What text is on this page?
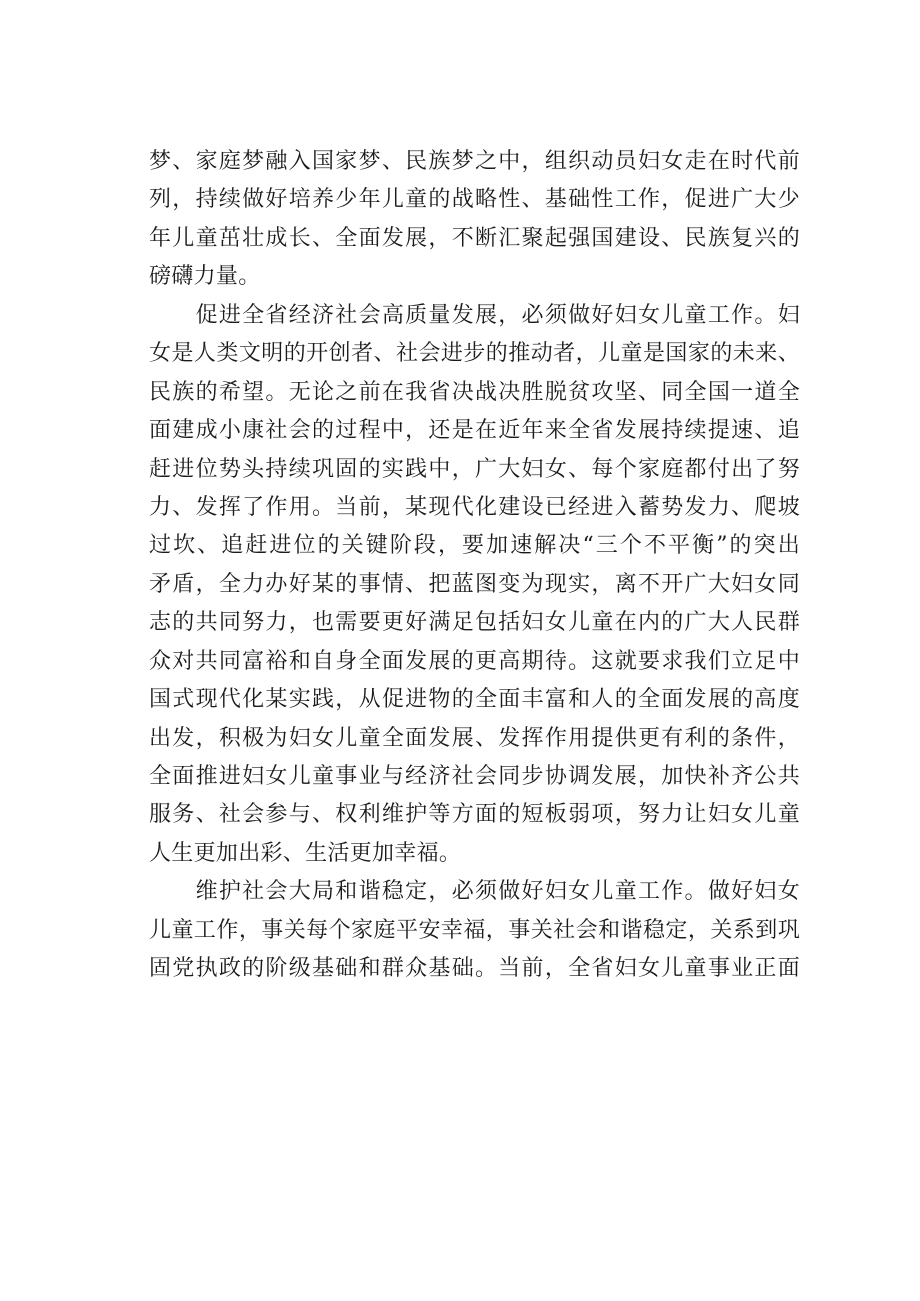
梦、家庭梦融入国家梦、民族梦之中，组织动员妇女走在时代前
列，持续做好培养少年儿童的战略性、基础性工作，促进广大少
年儿童茁壮成长、全面发展，不断汇聚起强国建设、民族复兴的
磅礴力量。
　　促进全省经济社会高质量发展，必须做好妇女儿童工作。妇
女是人类文明的开创者、社会进步的推动者，儿童是国家的未来、
民族的希望。无论之前在我省决战决胜脱贫攻坚、同全国一道全
面建成小康社会的过程中，还是在近年来全省发展持续提速、追
赶进位势头持续巩固的实践中，广大妇女、每个家庭都付出了努
力、发挥了作用。当前，某现代化建设已经进入蓄势发力、爬坡
过坎、追赶进位的关键阶段，要加速解决“三个不平衡”的突出
矛盾，全力办好某的事情、把蓝图变为现实，离不开广大妇女同
志的共同努力，也需要更好满足包括妇女儿童在内的广大人民群
众对共同富裕和自身全面发展的更高期待。这就要求我们立足中
国式现代化某实践，从促进物的全面丰富和人的全面发展的高度
出发，积极为妇女儿童全面发展、发挥作用提供更有利的条件，
全面推进妇女儿童事业与经济社会同步协调发展，加快补齐公共
服务、社会参与、权利维护等方面的短板弱项，努力让妇女儿童
人生更加出彩、生活更加幸福。
　　维护社会大局和谐稳定，必须做好妇女儿童工作。做好妇女
儿童工作，事关每个家庭平安幸福，事关社会和谐稳定，关系到巩
固党执政的阶级基础和群众基础。当前，全省妇女儿童事业正面
